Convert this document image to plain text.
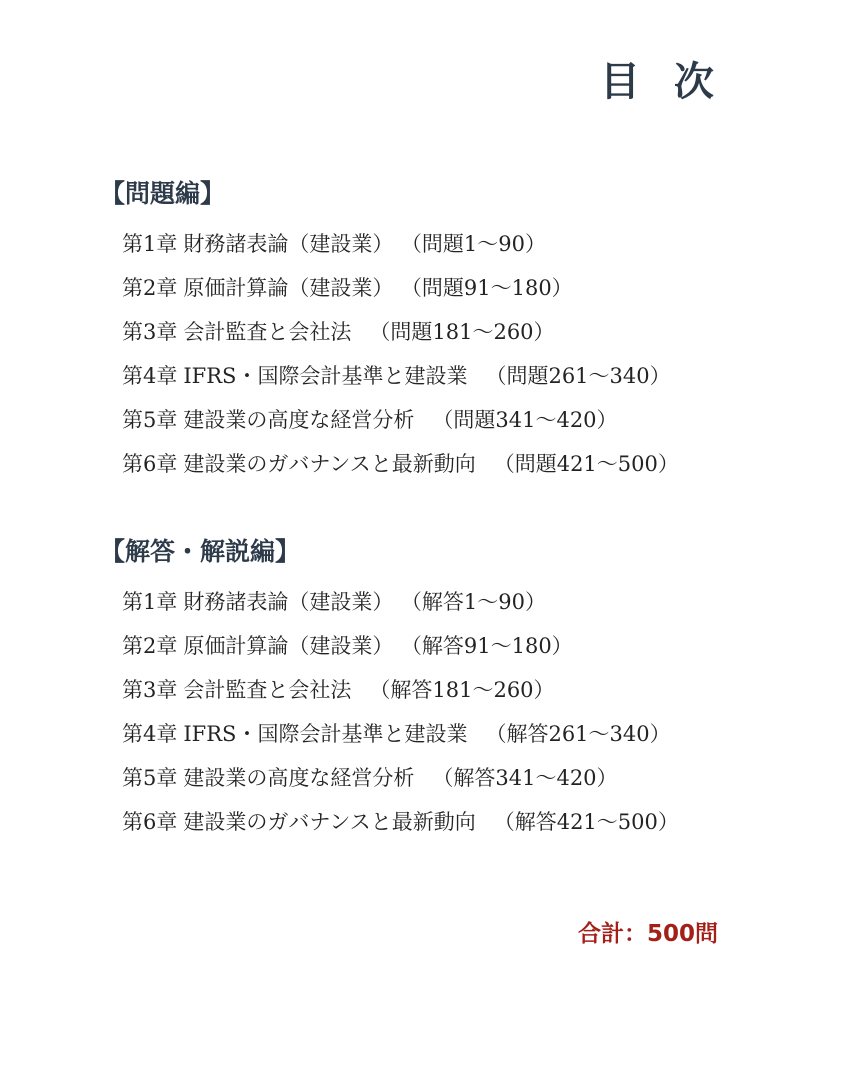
目 次
【問題編】
第1章 財務諸表論（建設業） （問題1～90）
第2章 原価計算論（建設業） （問題91～180）
第3章 会計監査と会社法 （問題181～260）
第4章 IFRS・国際会計基準と建設業 （問題261～340）
第5章 建設業の高度な経営分析 （問題341～420）
第6章 建設業のガバナンスと最新動向 （問題421～500）
【解答・解説編】
第1章 財務諸表論（建設業） （解答1～90）
第2章 原価計算論（建設業） （解答91～180）
第3章 会計監査と会社法 （解答181～260）
第4章 IFRS・国際会計基準と建設業 （解答261～340）
第5章 建設業の高度な経営分析 （解答341～420）
第6章 建設業のガバナンスと最新動向 （解答421～500）
合計：500問
